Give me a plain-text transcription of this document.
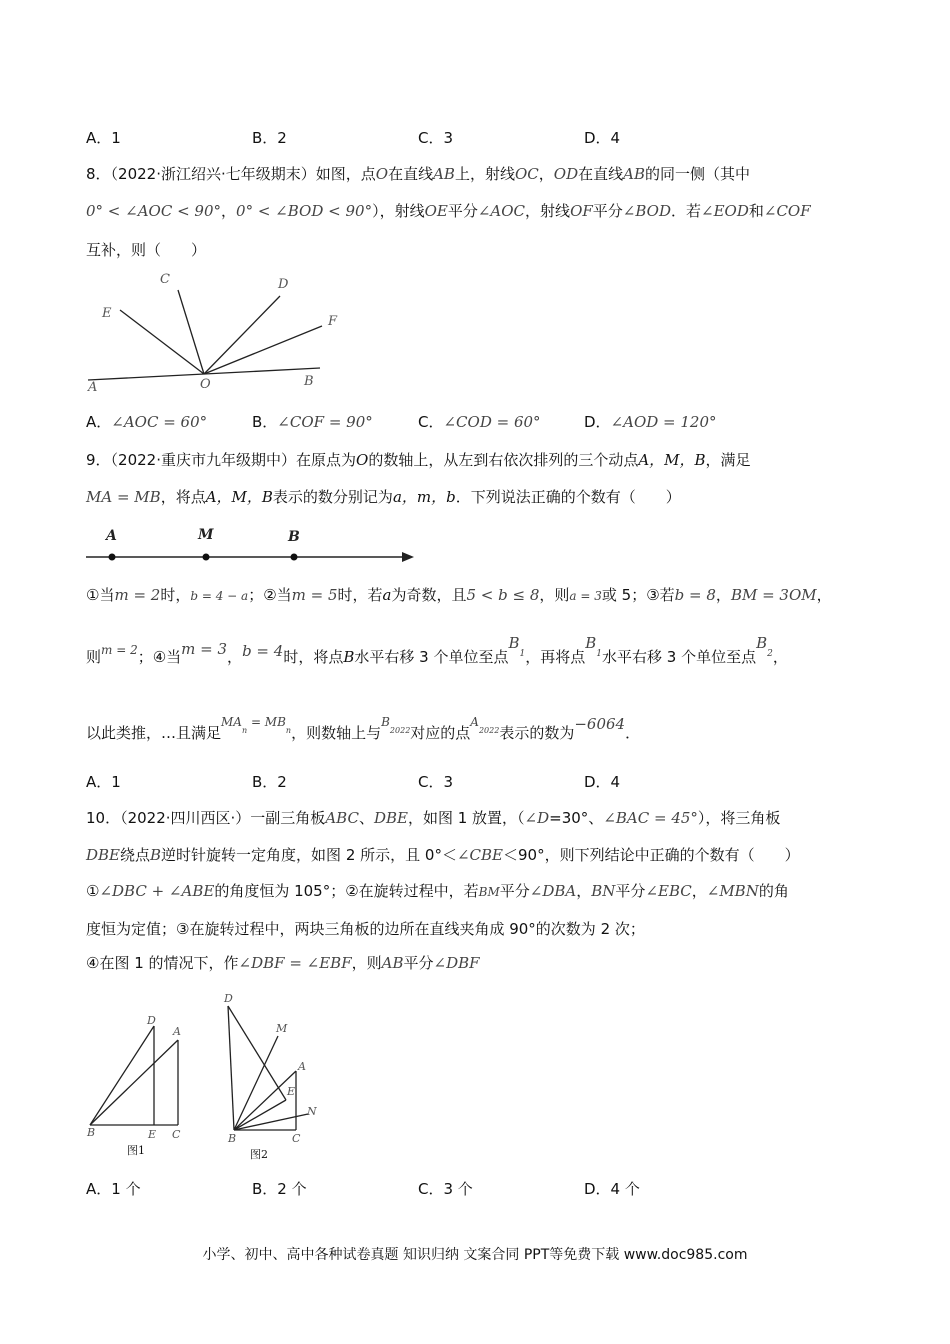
A．1	B．2	C．3	D．4
8．（2022·浙江绍兴·七年级期末）如图，点O在直线AB上，射线OC，OD在直线AB的同一侧（其中
0° < ∠AOC < 90°，0° < ∠BOD < 90°），射线OE平分∠AOC，射线OF平分∠BOD．若∠EOD和∠COF
互补，则（　　）
A	B
O
C	D
E
F
A．∠AOC = 60°	B．∠COF = 90°	C．∠COD = 60°	D．∠AOD = 120°
9．（2022·重庆市九年级期中）在原点为O的数轴上，从左到右依次排列的三个动点A，M，B，满足
MA = MB，将点A，M，B表示的数分别记为a，m，b．下列说法正确的个数有（　　）
A	M	B
①当m = 2时，b = 4 − a；②当m = 5时，若a为奇数，且5 < b ≤ 8，则a = 3或 5；③若b = 8，BM = 3OM，
则$^{m = 2}$；④当m = 3，b = 4时，将点B水平右移 3 个单位至点$B_1$，再将点$B_1$水平右移 3 个单位至点$B_2$，
以此类推，…且满足$^{MA}_n$ $^{= MB}_n$，则数轴上与$^B_{2022}$对应的点$^A_{2022}$表示的数为−6064．
A．1	B．2	C．3	D．4
10．（2022·四川西区·）一副三角板ABC、DBE，如图 1 放置，（∠D=30°、∠BAC = 45°），将三角板
DBE绕点B逆时针旋转一定角度，如图 2 所示，且 0°＜∠CBE＜90°，则下列结论中正确的个数有（　　）
①∠DBC + ∠ABE的角度恒为 105°；②在旋转过程中，若BM平分∠DBA，BN平分∠EBC，∠MBN的角
度恒为定值；③在旋转过程中，两块三角板的边所在直线夹角成 90°的次数为 2 次；
④在图 1 的情况下，作∠DBF = ∠EBF，则AB平分∠DBF
D
A
B	E C
图1
D
M
A
E
N
B	C
图2
A．1 个	B．2 个	C．3 个	D．4 个
小学、初中、高中各种试卷真题 知识归纳 文案合同 PPT等免费下载 www.doc985.com
